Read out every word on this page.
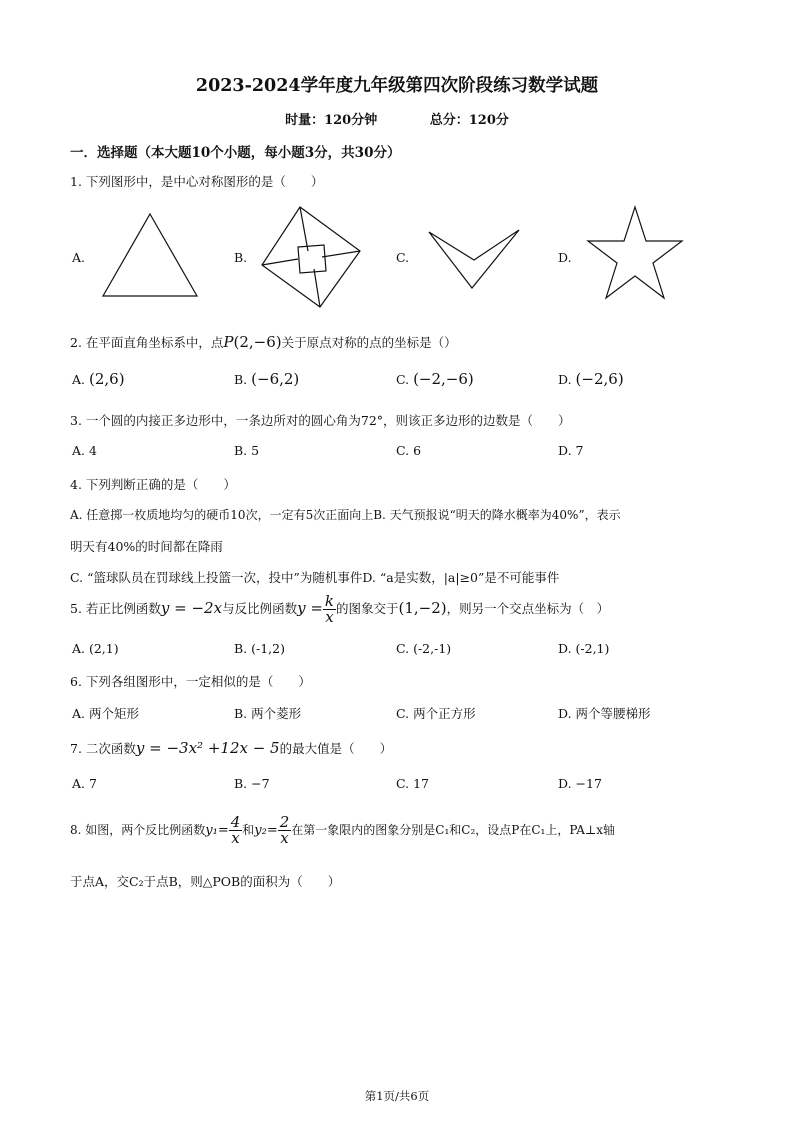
2023-2024学年度九年级第四次阶段练习数学试题
时量：120分钟	总分：120分
一．选择题（本大题10个小题，每小题3分，共30分）
1. 下列图形中，是中心对称图形的是（　　）
A.	B.	C.	D.
2. 在平面直角坐标系中，点P(2,−6)关于原点对称的点的坐标是（）
A. (2,6)	B. (−6,2)	C. (−2,−6)	D. (−2,6)
3. 一个圆的内接正多边形中，一条边所对的圆心角为72°，则该正多边形的边数是（　　）
A. 4	B. 5	C. 6	D. 7
4. 下列判断正确的是（　　）
A. 任意掷一枚质地均匀的硬币10次，一定有5次正面向上B. 天气预报说“明天的降水概率为40%”，表示
明天有40%的时间都在降雨
C. “篮球队员在罚球线上投篮一次，投中”为随机事件D. “a是实数，|a|≥0”是不可能事件
5. 若正比例函数y = −2x与反比例函数$y = \frac{k}{x}$ 的图象交于(1,−2)，则另一个交点坐标为（　）
A. (2,1)	B. (-1,2)	C. (-2,-1)	D. (-2,1)
6. 下列各组图形中，一定相似的是（　　）
A. 两个矩形	B. 两个菱形	C. 两个正方形	D. 两个等腰梯形
7. 二次函数y = −3x² +12x − 5的最大值是（　　）
A. 7	B. −7	C. 17	D. −17
8. 如图，两个反比例函数$y_1= \frac{4}{x}$ 和$y_2= \frac{2}{x}$ 在第一象限内的图象分别是C₁和C₂，设点P在C₁上，PA⊥x轴
于点A，交C₂于点B，则△POB的面积为（　　）
第1页/共6页
